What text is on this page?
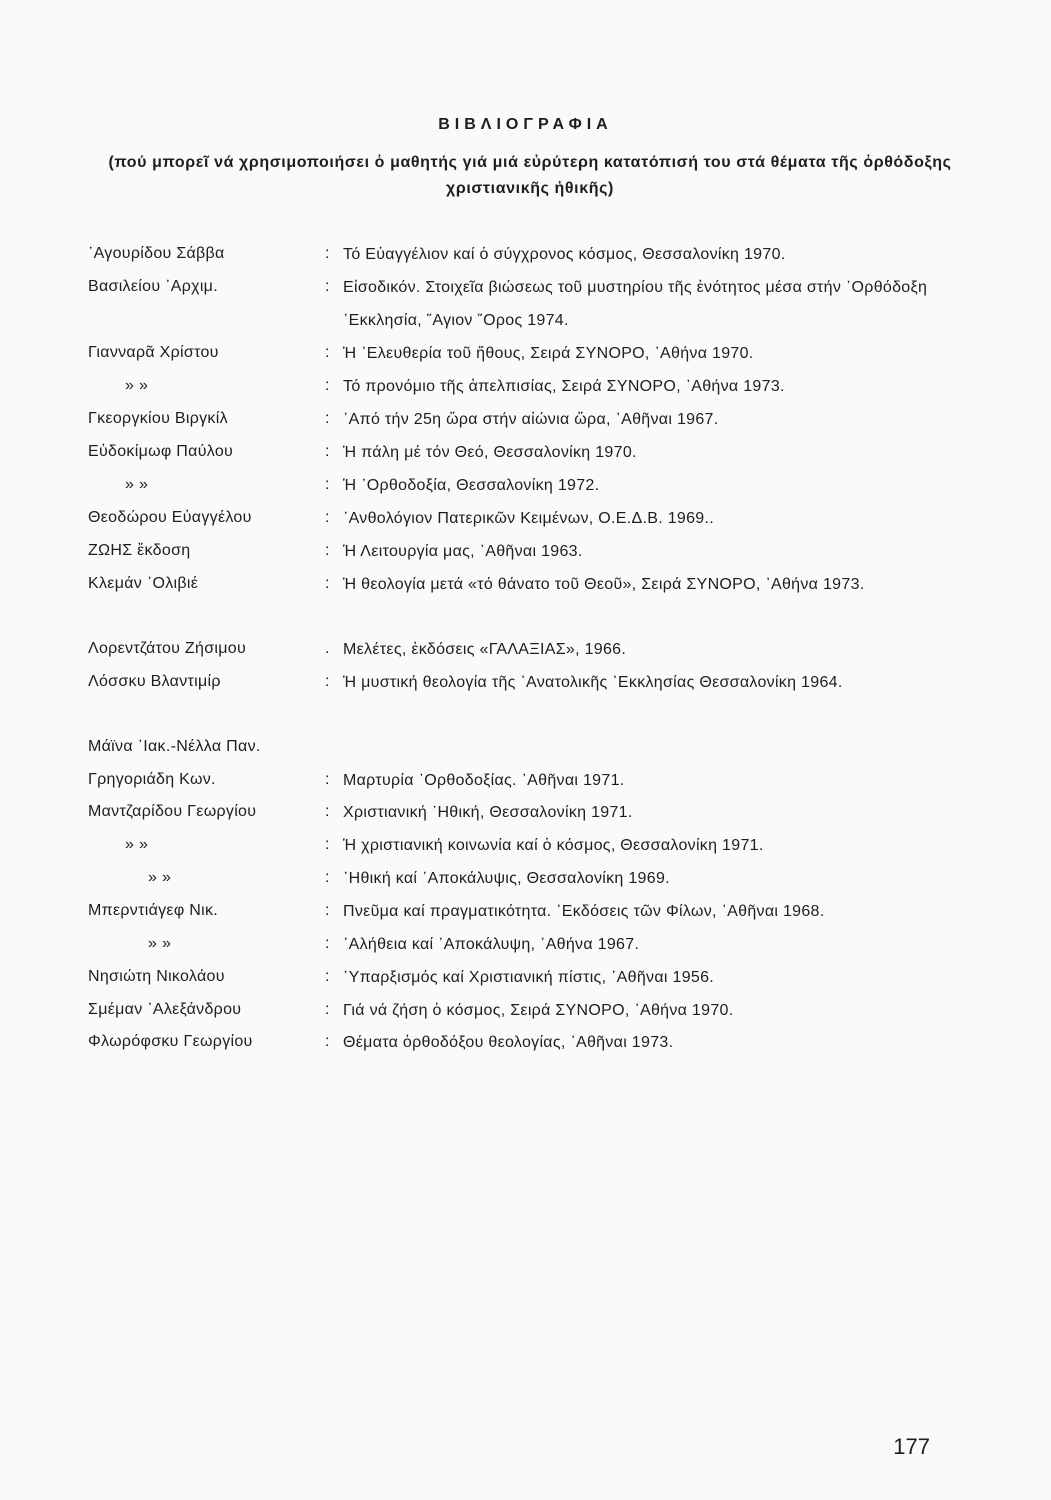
ΒΙΒΛΙΟΓΡΑΦΙΑ
(πού μπορεῖ νά χρησιμοποιήσει ὁ μαθητής γιά μιά εὐρύτερη κατατόπισή του στά θέματα τῆς ὀρθόδοξης χριστιανικῆς ἠθικῆς)
᾿Αγουρίδου Σάββα	: Τό Εὐαγγέλιον καί ὁ σύγχρονος κόσμος, Θεσσαλονίκη 1970.
Βασιλείου ᾿Αρχιμ.	: Εἰσοδικόν. Στοιχεῖα βιώσεως τοῦ μυστηρίου τῆς ἑνότητος μέσα στήν ᾿Ορθόδοξη ᾿Εκκλησία, ῞Αγιον ῎Ορος 1974.
Γιανναρᾶ Χρίστου	: Ἡ ᾿Ελευθερία τοῦ ἤθους, Σειρά ΣΥΝΟΡΟ, ᾿Αθήνα 1970.
» »	: Τό προνόμιο τῆς ἀπελπισίας, Σειρά ΣΥΝΟΡΟ, ᾿Αθήνα 1973.
Γκεοργκίου Βιργκίλ	: ᾿Από τήν 25η ὥρα στήν αἰώνια ὥρα, ᾿Αθῆναι 1967.
Εὐδοκίμωφ Παύλου	: Ἡ πάλη μέ τόν Θεό, Θεσσαλονίκη 1970.
» »	: Ἡ ᾿Ορθοδοξία, Θεσσαλονίκη 1972.
Θεοδώρου Εὐαγγέλου	: ᾿Ανθολόγιον Πατερικῶν Κειμένων, Ο.Ε.Δ.Β. 1969..
ΖΩΗΣ ἔκδοση	: Ἡ Λειτουργία μας, ᾿Αθῆναι 1963.
Κλεμάν ᾿Ολιβιέ	: Ἡ θεολογία μετά «τό θάνατο τοῦ Θεοῦ», Σειρά ΣΥΝΟΡΟ, ᾿Αθήνα 1973.
Λορεντζάτου Ζήσιμου	. Μελέτες, ἐκδόσεις «ΓΑΛΑΞΙΑΣ», 1966.
Λόσσκυ Βλαντιμίρ	: Ἡ μυστική θεολογία τῆς ᾿Ανατολικῆς ᾿Εκκλησίας Θεσσαλονίκη 1964.
Μάϊνα ᾿Ιακ.-Νέλλα Παν.
Γρηγοριάδη Κων.	: Μαρτυρία ᾿Ορθοδοξίας. ᾿Αθῆναι 1971.
Μαντζαρίδου Γεωργίου	: Χριστιανική ᾿Ηθική, Θεσσαλονίκη 1971.
» »	: Ἡ χριστιανική κοινωνία καί ὁ κόσμος, Θεσσαλονίκη 1971.
» »	: ᾿Ηθική καί ᾿Αποκάλυψις, Θεσσαλονίκη 1969.
Μπερντιάγεφ Νικ.	: Πνεῦμα καί πραγματικότητα. ᾿Εκδόσεις τῶν Φίλων, ᾿Αθῆναι 1968.
» »	: ᾿Αλήθεια καί ᾿Αποκάλυψη, ᾿Αθήνα 1967.
Νησιώτη Νικολάου	: ῾Υπαρξισμός καί Χριστιανική πίστις, ᾿Αθῆναι 1956.
Σμέμαν ᾿Αλεξάνδρου	: Γιά νά ζήση ὁ κόσμος, Σειρά ΣΥΝΟΡΟ, ᾿Αθήνα 1970.
Φλωρόφσκυ Γεωργίου	: Θέματα ὀρθοδόξου θεολογίας, ᾿Αθῆναι 1973.
177
